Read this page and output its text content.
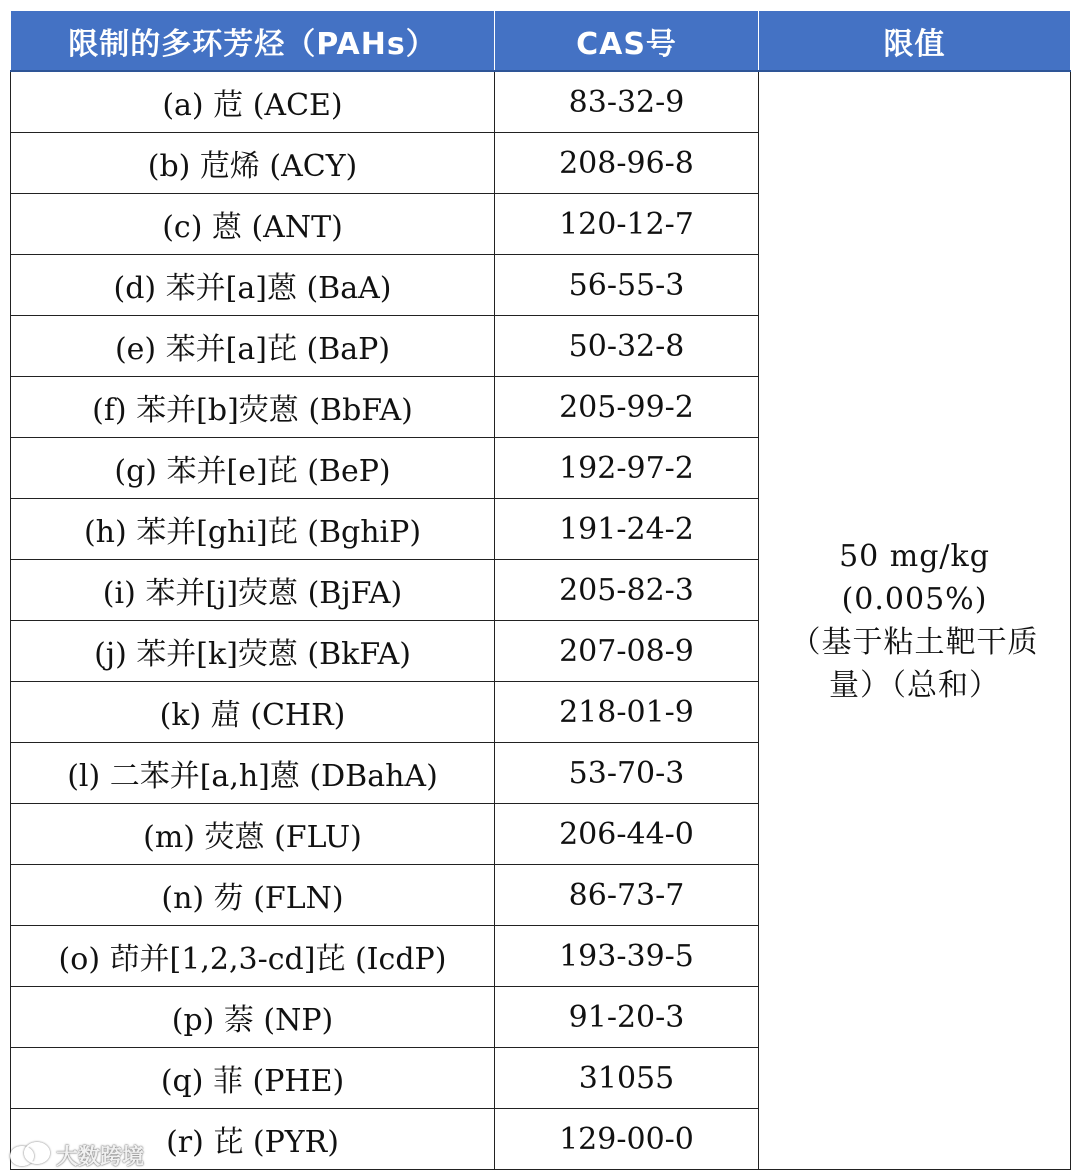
限制的多环芳烃（PAHs）	CAS号	限值
(a) 苊 (ACE)	83-32-9	50 mg/kg (0.005%)
（基于粘土靶干质
量）（总和）

(b) 苊烯 (ACY)	208-96-8	
(c) 蒽 (ANT)	120-12-7	
(d) 苯并[a]蒽 (BaA)	56-55-3	
(e) 苯并[a]芘 (BaP)	50-32-8	
(f) 苯并[b]荧蒽 (BbFA)	205-99-2	
(g) 苯并[e]芘 (BeP)	192-97-2	
(h) 苯并[ghi]芘 (BghiP)	191-24-2	
(i) 苯并[j]荧蒽 (BjFA)	205-82-3	
(j) 苯并[k]荧蒽 (BkFA)	207-08-9	
(k) 䓛 (CHR)	218-01-9	
(l) 二苯并[a,h]蒽 (DBahA)	53-70-3	
(m) 荧蒽 (FLU)	206-44-0	
(n) 芴 (FLN)	86-73-7	
(o) 茚并[1,2,3-cd]芘 (IcdP)	193-39-5	
(p) 萘 (NP)	91-20-3	
(q) 菲 (PHE)	31055	
(r) 芘 (PYR)	129-00-0	
大数跨境
